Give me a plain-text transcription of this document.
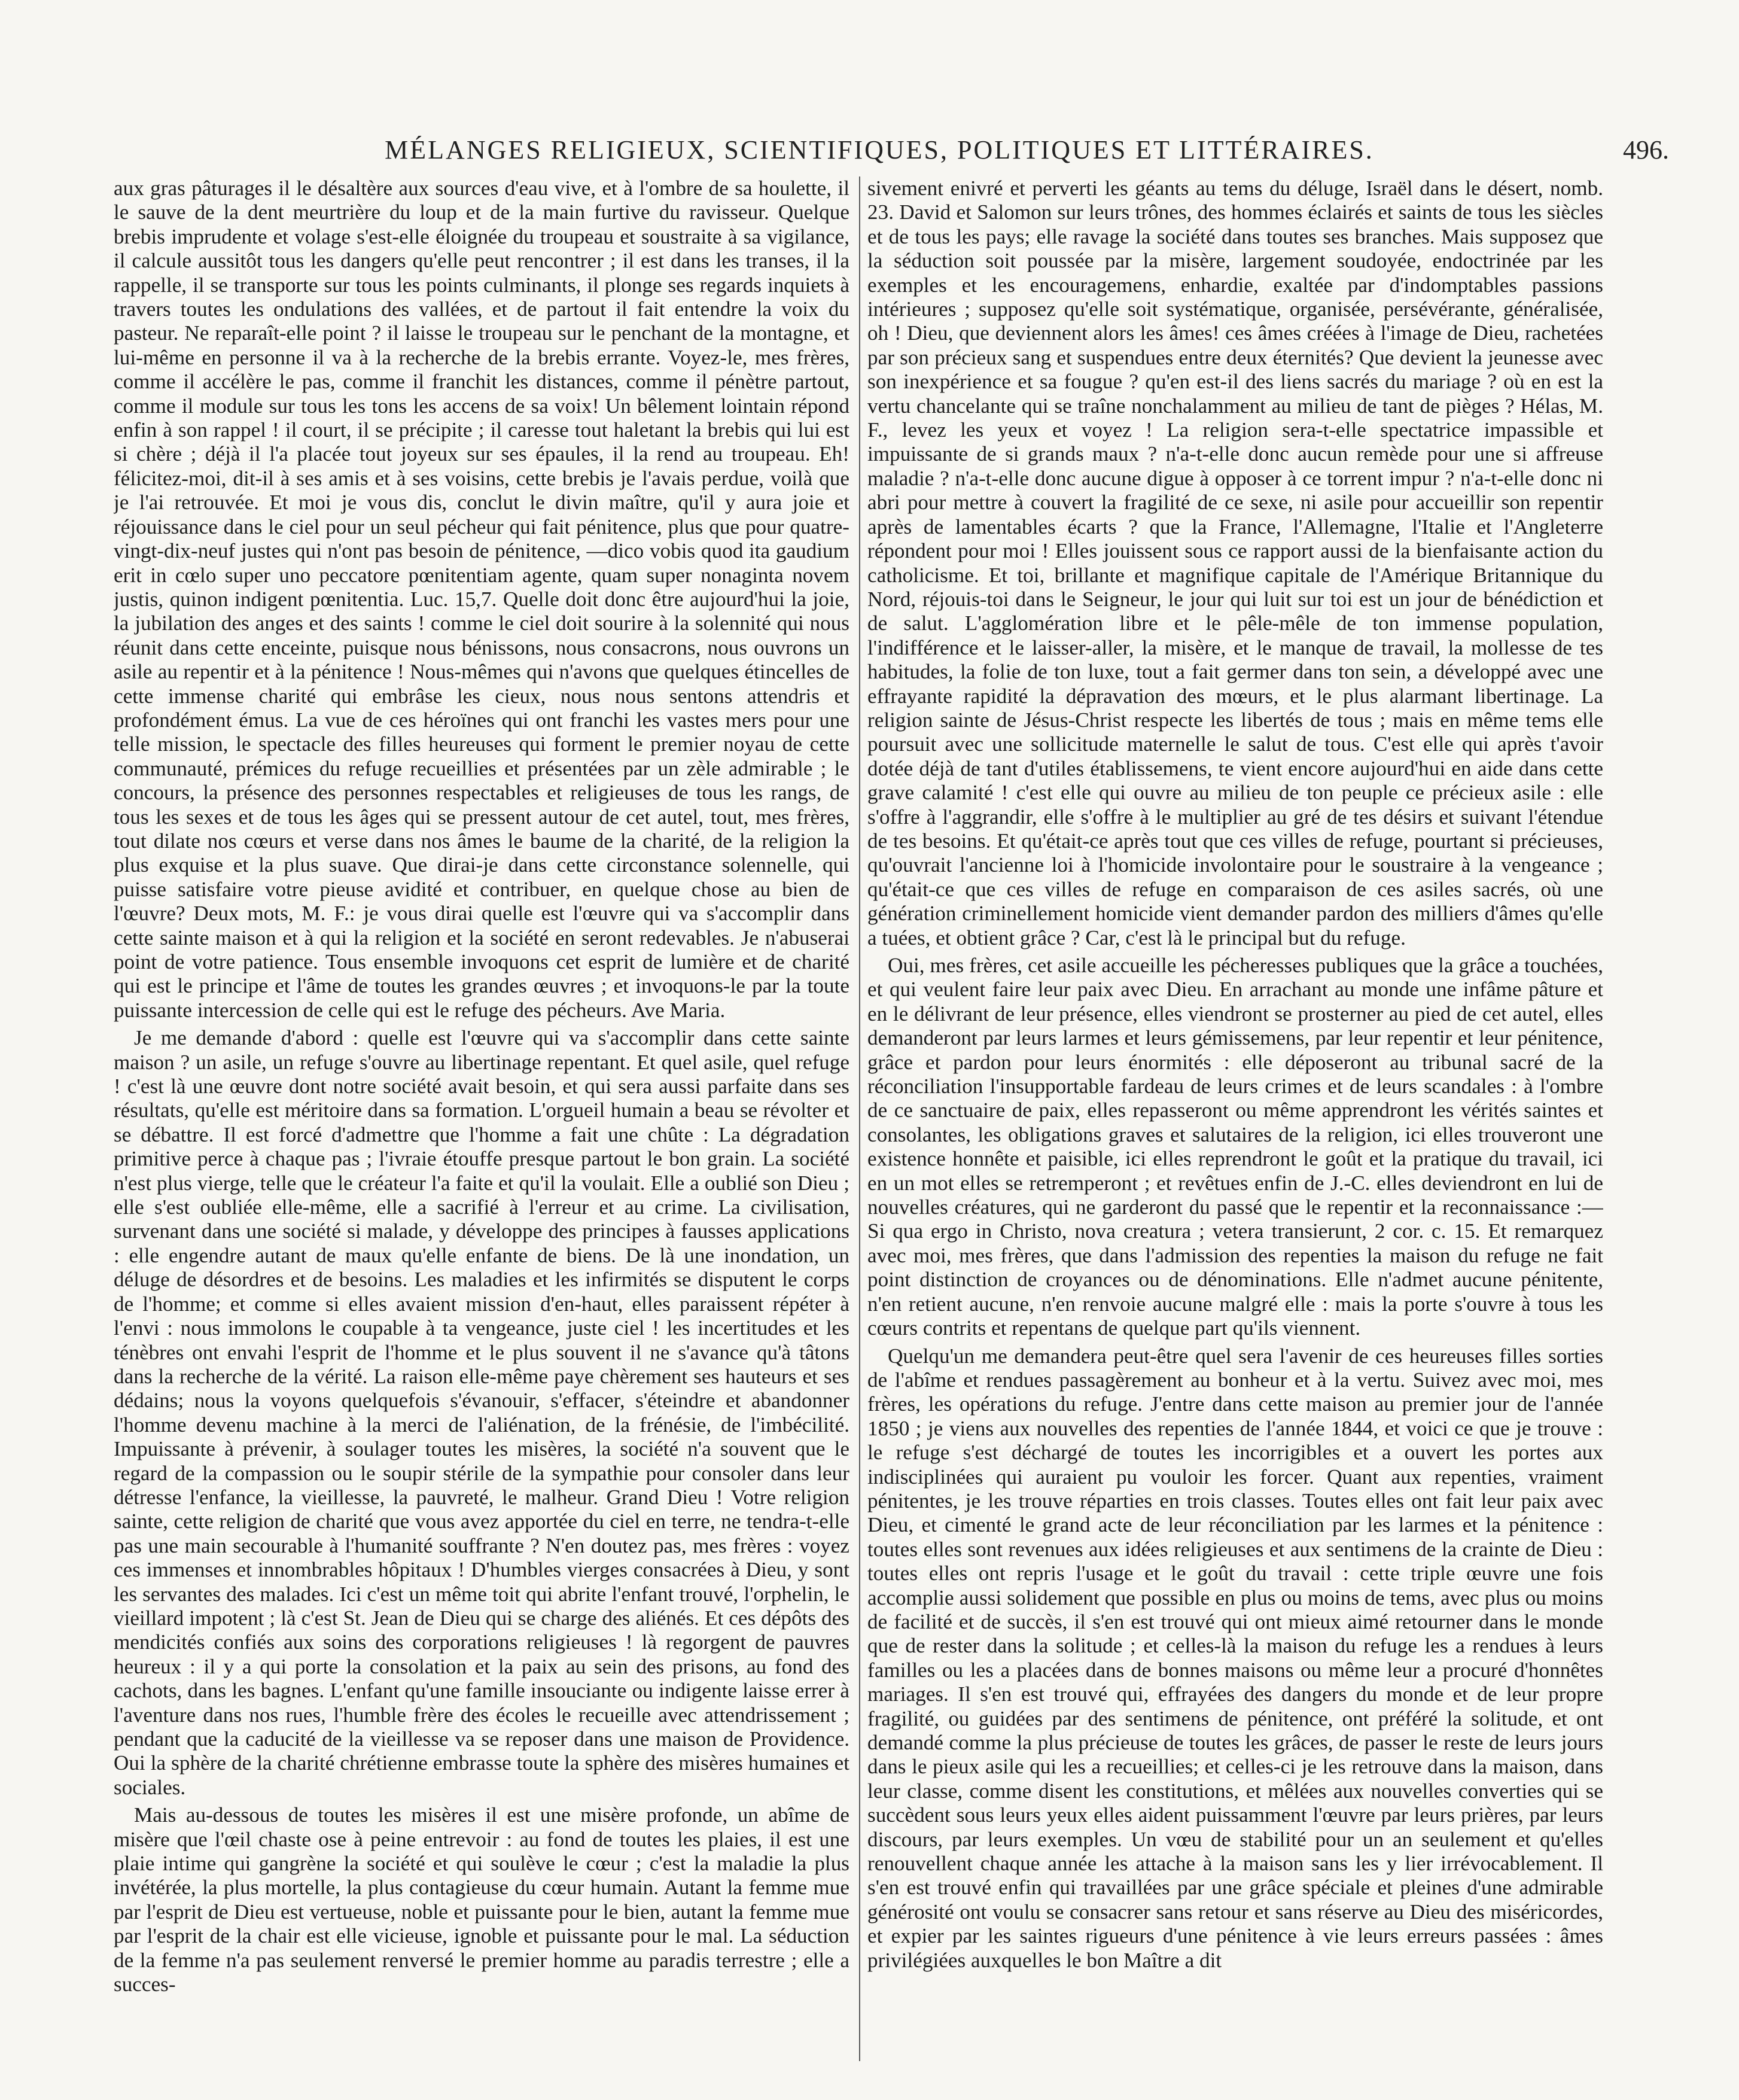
MÉLANGES RELIGIEUX, SCIENTIFIQUES, POLITIQUES ET LITTÉRAIRES.	496.

aux gras pâturages il le désaltère aux sources d'eau vive, et à l'ombre de sa houlette, il le sauve de la dent meurtrière du loup et de la main furtive du ravisseur. Quelque brebis imprudente et volage s'est-elle éloignée du troupeau et soustraite à sa vigilance, il calcule aussitôt tous les dangers qu'elle peut rencontrer ; il est dans les transes, il la rappelle, il se transporte sur tous les points culminants, il plonge ses regards inquiets à travers toutes les ondulations des vallées, et de partout il fait entendre la voix du pasteur. Ne reparaît-elle point ? il laisse le troupeau sur le penchant de la montagne, et lui-même en personne il va à la recherche de la brebis errante. Voyez-le, mes frères, comme il accélère le pas, comme il franchit les distances, comme il pénètre partout, comme il module sur tous les tons les accens de sa voix! Un bêlement lointain répond enfin à son rappel ! il court, il se précipite ; il caresse tout haletant la brebis qui lui est si chère ; déjà il l'a placée tout joyeux sur ses épaules, il la rend au troupeau. Eh! félicitez-moi, dit-il à ses amis et à ses voisins, cette brebis je l'avais perdue, voilà que je l'ai retrouvée. Et moi je vous dis, conclut le divin maître, qu'il y aura joie et réjouissance dans le ciel pour un seul pécheur qui fait pénitence, plus que pour quatre-vingt-dix-neuf justes qui n'ont pas besoin de pénitence, —dico vobis quod ita gaudium erit in cœlo super uno peccatore pœnitentiam agente, quam super nonaginta novem justis, quinon indigent pœnitentia. Luc. 15,7. Quelle doit donc être aujourd'hui la joie, la jubilation des anges et des saints ! comme le ciel doit sourire à la solennité qui nous réunit dans cette enceinte, puisque nous bénissons, nous consacrons, nous ouvrons un asile au repentir et à la pénitence ! Nous-mêmes qui n'avons que quelques étincelles de cette immense charité qui embrâse les cieux, nous nous sentons attendris et profondément émus. La vue de ces héroïnes qui ont franchi les vastes mers pour une telle mission, le spectacle des filles heureuses qui forment le premier noyau de cette communauté, prémices du refuge recueillies et présentées par un zèle admirable ; le concours, la présence des personnes respectables et religieuses de tous les rangs, de tous les sexes et de tous les âges qui se pressent autour de cet autel, tout, mes frères, tout dilate nos cœurs et verse dans nos âmes le baume de la charité, de la religion la plus exquise et la plus suave. Que dirai-je dans cette circonstance solennelle, qui puisse satisfaire votre pieuse avidité et contribuer, en quelque chose au bien de l'œuvre? Deux mots, M. F.: je vous dirai quelle est l'œuvre qui va s'accomplir dans cette sainte maison et à qui la religion et la société en seront redevables. Je n'abuserai point de votre patience. Tous ensemble invoquons cet esprit de lumière et de charité qui est le principe et l'âme de toutes les grandes œuvres ; et invoquons-le par la toute puissante intercession de celle qui est le refuge des pécheurs. Ave Maria.

Je me demande d'abord : quelle est l'œuvre qui va s'accomplir dans cette sainte maison ? un asile, un refuge s'ouvre au libertinage repentant. Et quel asile, quel refuge ! c'est là une œuvre dont notre société avait besoin, et qui sera aussi parfaite dans ses résultats, qu'elle est méritoire dans sa formation. L'orgueil humain a beau se révolter et se débattre. Il est forcé d'admettre que l'homme a fait une chûte : La dégradation primitive perce à chaque pas ; l'ivraie étouffe presque partout le bon grain. La société n'est plus vierge, telle que le créateur l'a faite et qu'il la voulait. Elle a oublié son Dieu ; elle s'est oubliée elle-même, elle a sacrifié à l'erreur et au crime. La civilisation, survenant dans une société si malade, y développe des principes à fausses applications : elle engendre autant de maux qu'elle enfante de biens. De là une inondation, un déluge de désordres et de besoins. Les maladies et les infirmités se disputent le corps de l'homme; et comme si elles avaient mission d'en-haut, elles paraissent répéter à l'envi : nous immolons le coupable à ta vengeance, juste ciel ! les incertitudes et les ténèbres ont envahi l'esprit de l'homme et le plus souvent il ne s'avance qu'à tâtons dans la recherche de la vérité. La raison elle-même paye chèrement ses hauteurs et ses dédains; nous la voyons quelquefois s'évanouir, s'effacer, s'éteindre et abandonner l'homme devenu machine à la merci de l'aliénation, de la frénésie, de l'imbécilité. Impuissante à prévenir, à soulager toutes les misères, la société n'a souvent que le regard de la compassion ou le soupir stérile de la sympathie pour consoler dans leur détresse l'enfance, la vieillesse, la pauvreté, le malheur. Grand Dieu ! Votre religion sainte, cette religion de charité que vous avez apportée du ciel en terre, ne tendra-t-elle pas une main secourable à l'humanité souffrante ? N'en doutez pas, mes frères : voyez ces immenses et innombrables hôpitaux ! D'humbles vierges consacrées à Dieu, y sont les servantes des malades. Ici c'est un même toit qui abrite l'enfant trouvé, l'orphelin, le vieillard impotent ; là c'est St. Jean de Dieu qui se charge des aliénés. Et ces dépôts des mendicités confiés aux soins des corporations religieuses ! là regorgent de pauvres heureux : il y a qui porte la consolation et la paix au sein des prisons, au fond des cachots, dans les bagnes. L'enfant qu'une famille insouciante ou indigente laisse errer à l'aventure dans nos rues, l'humble frère des écoles le recueille avec attendrissement ; pendant que la caducité de la vieillesse va se reposer dans une maison de Providence. Oui la sphère de la charité chrétienne embrasse toute la sphère des misères humaines et sociales.

Mais au-dessous de toutes les misères il est une misère profonde, un abîme de misère que l'œil chaste ose à peine entrevoir : au fond de toutes les plaies, il est une plaie intime qui gangrène la société et qui soulève le cœur ; c'est la maladie la plus invétérée, la plus mortelle, la plus contagieuse du cœur humain. Autant la femme mue par l'esprit de Dieu est vertueuse, noble et puissante pour le bien, autant la femme mue par l'esprit de la chair est elle vicieuse, ignoble et puissante pour le mal. La séduction de la femme n'a pas seulement renversé le premier homme au paradis terrestre ; elle a succes-

sivement enivré et perverti les géants au tems du déluge, Israël dans le désert, nomb. 23. David et Salomon sur leurs trônes, des hommes éclairés et saints de tous les siècles et de tous les pays; elle ravage la société dans toutes ses branches. Mais supposez que la séduction soit poussée par la misère, largement soudoyée, endoctrinée par les exemples et les encouragemens, enhardie, exaltée par d'indomptables passions intérieures ; supposez qu'elle soit systématique, organisée, persévérante, généralisée, oh ! Dieu, que deviennent alors les âmes! ces âmes créées à l'image de Dieu, rachetées par son précieux sang et suspendues entre deux éternités? Que devient la jeunesse avec son inexpérience et sa fougue ? qu'en est-il des liens sacrés du mariage ? où en est la vertu chancelante qui se traîne nonchalamment au milieu de tant de pièges ? Hélas, M. F., levez les yeux et voyez ! La religion sera-t-elle spectatrice impassible et impuissante de si grands maux ? n'a-t-elle donc aucun remède pour une si affreuse maladie ? n'a-t-elle donc aucune digue à opposer à ce torrent impur ? n'a-t-elle donc ni abri pour mettre à couvert la fragilité de ce sexe, ni asile pour accueillir son repentir après de lamentables écarts ? que la France, l'Allemagne, l'Italie et l'Angleterre répondent pour moi ! Elles jouissent sous ce rapport aussi de la bienfaisante action du catholicisme. Et toi, brillante et magnifique capitale de l'Amérique Britannique du Nord, réjouis-toi dans le Seigneur, le jour qui luit sur toi est un jour de bénédiction et de salut. L'agglomération libre et le pêle-mêle de ton immense population, l'indifférence et le laisser-aller, la misère, et le manque de travail, la mollesse de tes habitudes, la folie de ton luxe, tout a fait germer dans ton sein, a développé avec une effrayante rapidité la dépravation des mœurs, et le plus alarmant libertinage. La religion sainte de Jésus-Christ respecte les libertés de tous ; mais en même tems elle poursuit avec une sollicitude maternelle le salut de tous. C'est elle qui après t'avoir dotée déjà de tant d'utiles établissemens, te vient encore aujourd'hui en aide dans cette grave calamité ! c'est elle qui ouvre au milieu de ton peuple ce précieux asile : elle s'offre à l'aggrandir, elle s'offre à le multiplier au gré de tes désirs et suivant l'étendue de tes besoins. Et qu'était-ce après tout que ces villes de refuge, pourtant si précieuses, qu'ouvrait l'ancienne loi à l'homicide involontaire pour le soustraire à la vengeance ; qu'était-ce que ces villes de refuge en comparaison de ces asiles sacrés, où une génération criminellement homicide vient demander pardon des milliers d'âmes qu'elle a tuées, et obtient grâce ? Car, c'est là le principal but du refuge.

Oui, mes frères, cet asile accueille les pécheresses publiques que la grâce a touchées, et qui veulent faire leur paix avec Dieu. En arrachant au monde une infâme pâture et en le délivrant de leur présence, elles viendront se prosterner au pied de cet autel, elles demanderont par leurs larmes et leurs gémissemens, par leur repentir et leur pénitence, grâce et pardon pour leurs énormités : elle déposeront au tribunal sacré de la réconciliation l'insupportable fardeau de leurs crimes et de leurs scandales : à l'ombre de ce sanctuaire de paix, elles repasseront ou même apprendront les vérités saintes et consolantes, les obligations graves et salutaires de la religion, ici elles trouveront une existence honnête et paisible, ici elles reprendront le goût et la pratique du travail, ici en un mot elles se retremperont ; et revêtues enfin de J.-C. elles deviendront en lui de nouvelles créatures, qui ne garderont du passé que le repentir et la reconnaissance :—Si qua ergo in Christo, nova creatura ; vetera transierunt, 2 cor. c. 15. Et remarquez avec moi, mes frères, que dans l'admission des repenties la maison du refuge ne fait point distinction de croyances ou de dénominations. Elle n'admet aucune pénitente, n'en retient aucune, n'en renvoie aucune malgré elle : mais la porte s'ouvre à tous les cœurs contrits et repentans de quelque part qu'ils viennent.

Quelqu'un me demandera peut-être quel sera l'avenir de ces heureuses filles sorties de l'abîme et rendues passagèrement au bonheur et à la vertu. Suivez avec moi, mes frères, les opérations du refuge. J'entre dans cette maison au premier jour de l'année 1850 ; je viens aux nouvelles des repenties de l'année 1844, et voici ce que je trouve : le refuge s'est déchargé de toutes les incorrigibles et a ouvert les portes aux indisciplinées qui auraient pu vouloir les forcer. Quant aux repenties, vraiment pénitentes, je les trouve réparties en trois classes. Toutes elles ont fait leur paix avec Dieu, et cimenté le grand acte de leur réconciliation par les larmes et la pénitence : toutes elles sont revenues aux idées religieuses et aux sentimens de la crainte de Dieu : toutes elles ont repris l'usage et le goût du travail : cette triple œuvre une fois accomplie aussi solidement que possible en plus ou moins de tems, avec plus ou moins de facilité et de succès, il s'en est trouvé qui ont mieux aimé retourner dans le monde que de rester dans la solitude ; et celles-là la maison du refuge les a rendues à leurs familles ou les a placées dans de bonnes maisons ou même leur a procuré d'honnêtes mariages. Il s'en est trouvé qui, effrayées des dangers du monde et de leur propre fragilité, ou guidées par des sentimens de pénitence, ont préféré la solitude, et ont demandé comme la plus précieuse de toutes les grâces, de passer le reste de leurs jours dans le pieux asile qui les a recueillies; et celles-ci je les retrouve dans la maison, dans leur classe, comme disent les constitutions, et mêlées aux nouvelles converties qui se succèdent sous leurs yeux elles aident puissamment l'œuvre par leurs prières, par leurs discours, par leurs exemples. Un vœu de stabilité pour un an seulement et qu'elles renouvellent chaque année les attache à la maison sans les y lier irrévocablement. Il s'en est trouvé enfin qui travaillées par une grâce spéciale et pleines d'une admirable générosité ont voulu se consacrer sans retour et sans réserve au Dieu des miséricordes, et expier par les saintes rigueurs d'une pénitence à vie leurs erreurs passées : âmes privilégiées auxquelles le bon Maître a dit
